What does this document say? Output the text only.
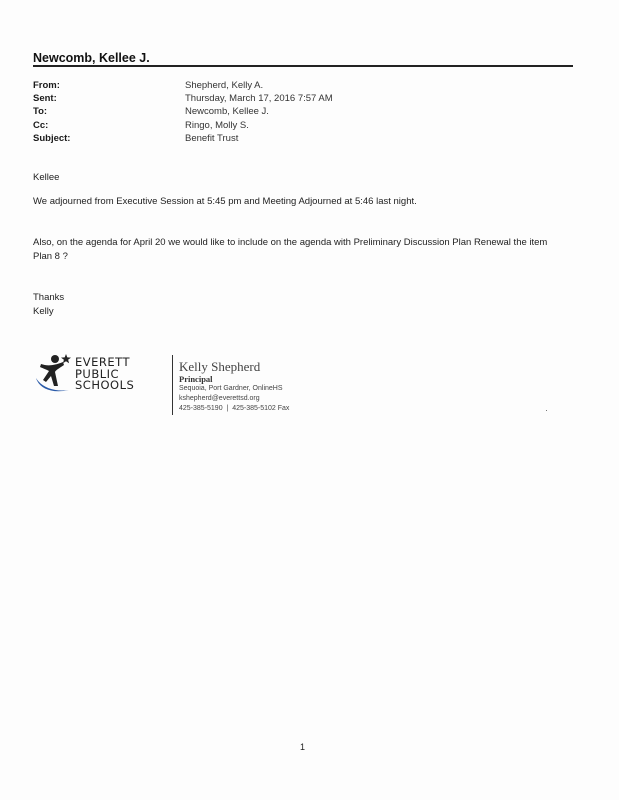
Newcomb, Kellee J.
From:	Shepherd, Kelly A.
Sent:	Thursday, March 17, 2016 7:57 AM
To:	Newcomb, Kellee J.
Cc:	Ringo, Molly S.
Subject:	Benefit Trust
Kellee
We adjourned from Executive Session at 5:45 pm and Meeting Adjourned at 5:46 last night.
Also, on the agenda for April 20 we would like to include on the agenda with Preliminary Discussion Plan Renewal the item Plan 8 ?
Thanks
Kelly
EVERETT
PUBLIC
SCHOOLS
Kelly Shepherd
Principal
Sequoia, Port Gardner, OnlineHS
kshepherd@everettsd.org
425-385-5190 | 425-385-5102 Fax
1
